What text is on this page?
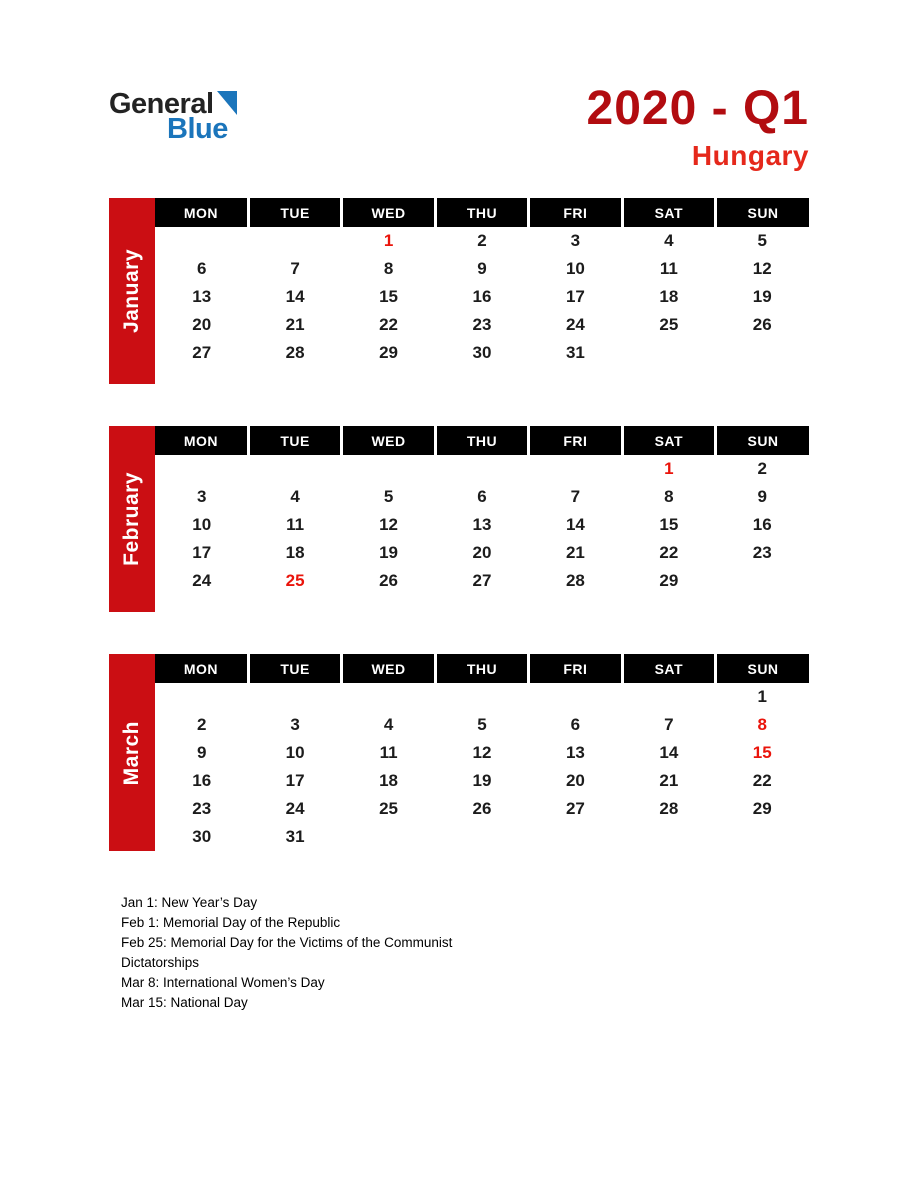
General
Blue	2020 - Q1
Hungary
January
MON	TUE	WED	THU	FRI	SAT	SUN
		1	2	3	4	5
6	7	8	9	10	11	12
13	14	15	16	17	18	19
20	21	22	23	24	25	26
27	28	29	30	31		
February
MON	TUE	WED	THU	FRI	SAT	SUN
					1	2
3	4	5	6	7	8	9
10	11	12	13	14	15	16
17	18	19	20	21	22	23
24	25	26	27	28	29	
March
MON	TUE	WED	THU	FRI	SAT	SUN
						1
2	3	4	5	6	7	8
9	10	11	12	13	14	15
16	17	18	19	20	21	22
23	24	25	26	27	28	29
30	31					
Jan 1: New Year’s Day
Feb 1: Memorial Day of the Republic
Feb 25: Memorial Day for the Victims of the Communist Dictatorships
Mar 8: International Women’s Day
Mar 15: National Day
